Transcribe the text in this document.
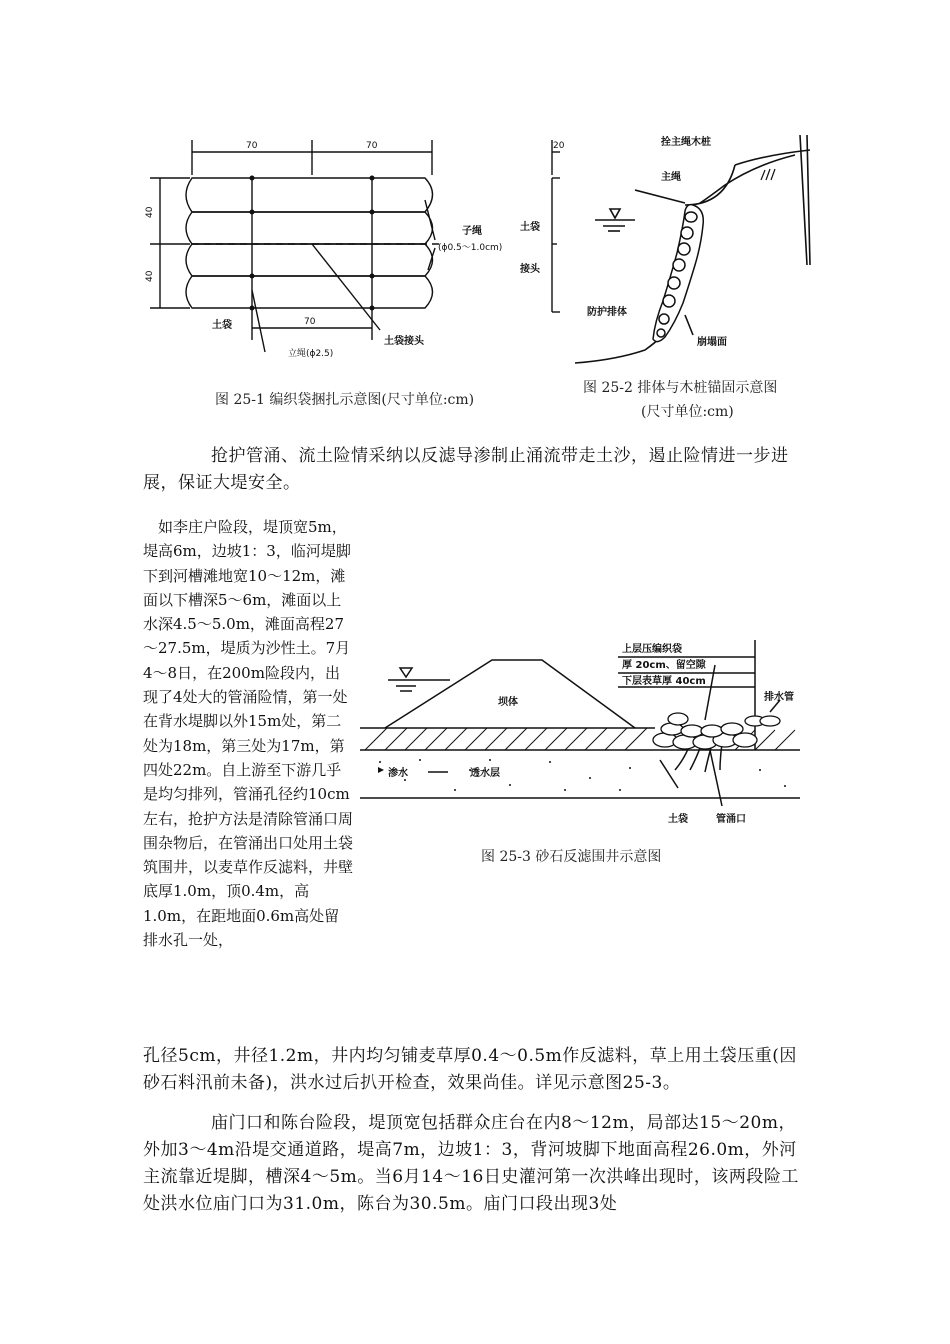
70	70
40
40
70
土袋
立绳(ϕ2.5)
土袋接头
子绳
(ϕ0.5～1.0cm)
20
土袋
接头
图 25-1 编织袋捆扎示意图(尺寸单位:cm)
拴主绳木桩
主绳
防护排体
崩塌面
图 25-2 排体与木桩锚固示意图
(尺寸单位:cm)
抢护管涌、流土险情采纳以反滤导渗制止涌流带走土沙，遏止险情进一步进展，保证大堤安全。

如李庄户险段，堤顶宽5m，堤高6m，边坡1：3，临河堤脚下到河槽滩地宽10～12m，滩面以下槽深5～6m，滩面以上水深4.5～5.0m，滩面高程27～27.5m，堤质为沙性土。7月4～8日，在200m险段内，出现了4处大的管涌险情，第一处在背水堤脚以外15m处，第二处为18m，第三处为17m，第四处22m。自上游至下游几乎是均匀排列，管涌孔径约10cm左右，抢护方法是清除管涌口周围杂物后，在管涌出口处用土袋筑围井，以麦草作反滤料，井壁底厚1.0m，顶0.4m，高1.0m，在距地面0.6m高处留排水孔一处，

上层压编织袋
厚 20cm、留空隙
下层表草厚 40cm
排水管
坝体
渗水	透水层
土袋	管涌口
图 25-3 砂石反滤围井示意图
孔径5cm，井径1.2m，井内均匀铺麦草厚0.4～0.5m作反滤料，草上用土袋压重(因砂石料汛前未备)，洪水过后扒开检查，效果尚佳。详见示意图25-3。
庙门口和陈台险段，堤顶宽包括群众庄台在内8～12m，局部达15～20m，外加3～4m沿堤交通道路，堤高7m，边坡1：3，背河坡脚下地面高程26.0m，外河主流靠近堤脚，槽深4～5m。当6月14～16日史灌河第一次洪峰出现时，该两段险工处洪水位庙门口为31.0m，陈台为30.5m。庙门口段出现3处
